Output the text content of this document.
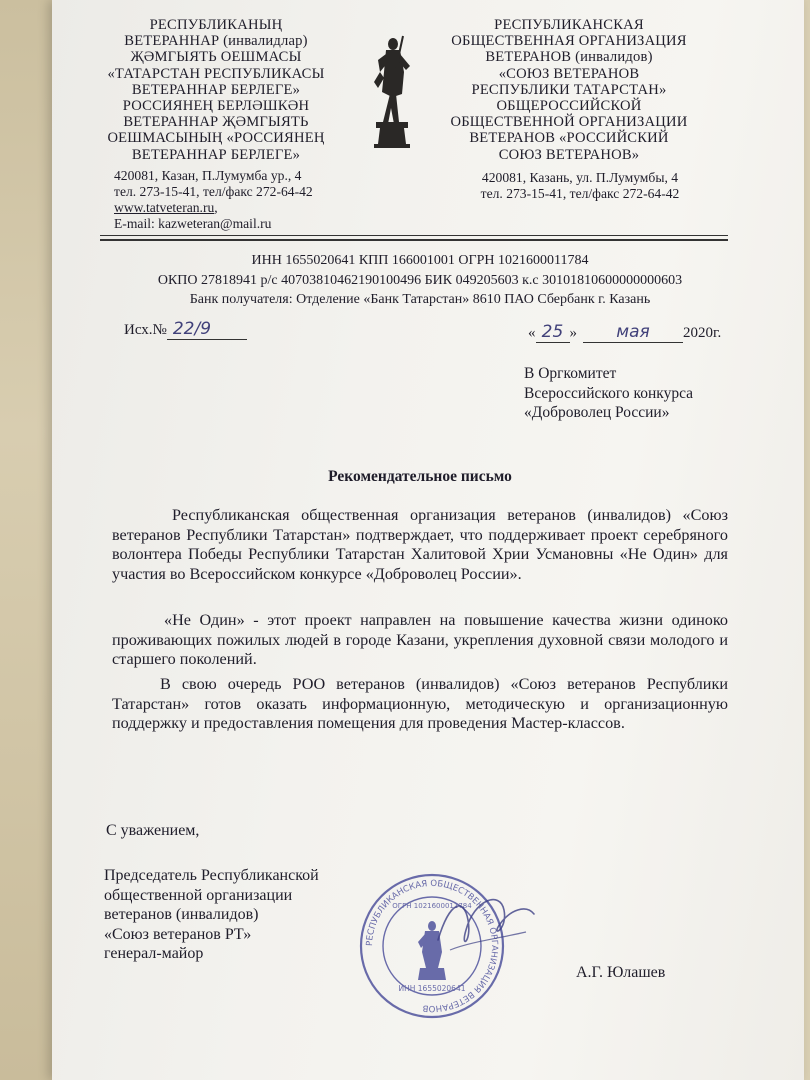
РЕСПУБЛИКАНЫҢ
ВЕТЕРАННАР (инвалидлар)
ҖӘМГЫЯТЬ ОЕШМАСЫ
«ТАТАРСТАН РЕСПУБЛИКАСЫ
ВЕТЕРАННАР БЕРЛЕГЕ»
РОССИЯНЕҢ БЕРЛӘШКӘН
ВЕТЕРАННАР ҖӘМГЫЯТЬ
ОЕШМАСЫНЫҢ «РОССИЯНЕҢ
ВЕТЕРАННАР БЕРЛЕГЕ»
420081, Казан, П.Лумумба ур., 4
тел. 273-15-41, тел/факс 272-64-42
www.tatveteran.ru,
E-mail: kazweteran@mail.ru
РЕСПУБЛИКАНСКАЯ
ОБЩЕСТВЕННАЯ ОРГАНИЗАЦИЯ
ВЕТЕРАНОВ (инвалидов)
«СОЮЗ ВЕТЕРАНОВ
РЕСПУБЛИКИ ТАТАРСТАН»
ОБЩЕРОССИЙСКОЙ
ОБЩЕСТВЕННОЙ ОРГАНИЗАЦИИ
ВЕТЕРАНОВ «РОССИЙСКИЙ
СОЮЗ ВЕТЕРАНОВ»
420081, Казань, ул. П.Лумумбы, 4
тел. 273-15-41, тел/факс 272-64-42
ИНН 1655020641 КПП 166001001 ОГРН 1021600011784
ОКПО 27818941 р/с 40703810462190100496 БИК 049205603 к.с 30101810600000000603
Банк получателя: Отделение «Банк Татарстан» 8610 ПАО Сбербанк г. Казань
Исх.№ 22/9	« 25 » мая 2020г.
В Оргкомитет
Всероссийского конкурса
«Доброволец России»
Рекомендательное письмо
Республиканская общественная организация ветеранов (инвалидов) «Союз ветеранов Республики Татарстан» подтверждает, что поддерживает проект серебряного волонтера Победы Республики Татарстан Халитовой Хрии Усмановны «Не Один» для участия во Всероссийском конкурсе «Доброволец России».
«Не Один» - этот проект направлен на повышение качества жизни одиноко проживающих пожилых людей в городе Казани, укрепления духовной связи молодого и старшего поколений.
В свою очередь РОО ветеранов (инвалидов) «Союз ветеранов Республики Татарстан» готов оказать информационную, методическую и организационную поддержку и предоставления помещения для проведения Мастер-классов.
С уважением,
Председатель Республиканской
общественной организации
ветеранов (инвалидов)
«Союз ветеранов РТ»
генерал-майор
РЕСПУБЛИКАНСКАЯ ОБЩЕСТВЕННАЯ ОРГАНИЗАЦИЯ ВЕТЕРАНОВ
ОГРН 1021600011784
ИНН 1655020641
А.Г. Юлашев
